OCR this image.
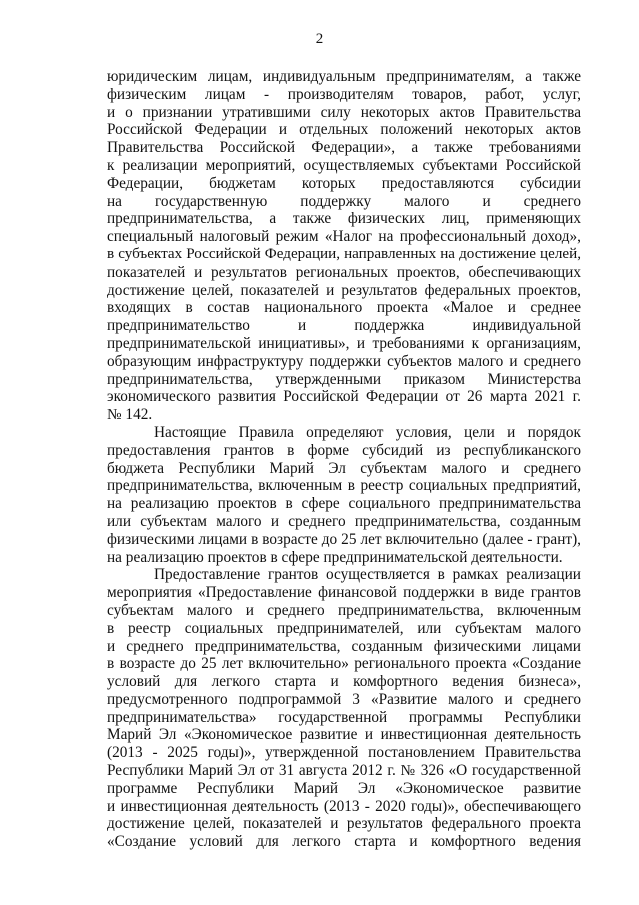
2
юридическим лицам, индивидуальным предпринимателям, а также
физическим лицам - производителям товаров, работ, услуг,
и о признании утратившими силу некоторых актов Правительства
Российской Федерации и отдельных положений некоторых актов
Правительства Российской Федерации», а также требованиями
к реализации мероприятий, осуществляемых субъектами Российской
Федерации, бюджетам которых предоставляются субсидии
на государственную поддержку малого и среднего
предпринимательства, а также физических лиц, применяющих
специальный налоговый режим «Налог на профессиональный доход»,
в субъектах Российской Федерации, направленных на достижение целей,
показателей и результатов региональных проектов, обеспечивающих
достижение целей, показателей и результатов федеральных проектов,
входящих в состав национального проекта «Малое и среднее
предпринимательство и поддержка индивидуальной
предпринимательской инициативы», и требованиями к организациям,
образующим инфраструктуру поддержки субъектов малого и среднего
предпринимательства, утвержденными приказом Министерства
экономического развития Российской Федерации от 26 марта 2021 г.
№ 142.
Настоящие Правила определяют условия, цели и порядок
предоставления грантов в форме субсидий из республиканского
бюджета Республики Марий Эл субъектам малого и среднего
предпринимательства, включенным в реестр социальных предприятий,
на реализацию проектов в сфере социального предпринимательства
или субъектам малого и среднего предпринимательства, созданным
физическими лицами в возрасте до 25 лет включительно (далее - грант),
на реализацию проектов в сфере предпринимательской деятельности.
Предоставление грантов осуществляется в рамках реализации
мероприятия «Предоставление финансовой поддержки в виде грантов
субъектам малого и среднего предпринимательства, включенным
в реестр социальных предпринимателей, или субъектам малого
и среднего предпринимательства, созданным физическими лицами
в возрасте до 25 лет включительно» регионального проекта «Создание
условий для легкого старта и комфортного ведения бизнеса»,
предусмотренного подпрограммой 3 «Развитие малого и среднего
предпринимательства» государственной программы Республики
Марий Эл «Экономическое развитие и инвестиционная деятельность
(2013 - 2025 годы)», утвержденной постановлением Правительства
Республики Марий Эл от 31 августа 2012 г. № 326 «О государственной
программе Республики Марий Эл «Экономическое развитие
и инвестиционная деятельность (2013 - 2020 годы)», обеспечивающего
достижение целей, показателей и результатов федерального проекта
«Создание условий для легкого старта и комфортного ведения
